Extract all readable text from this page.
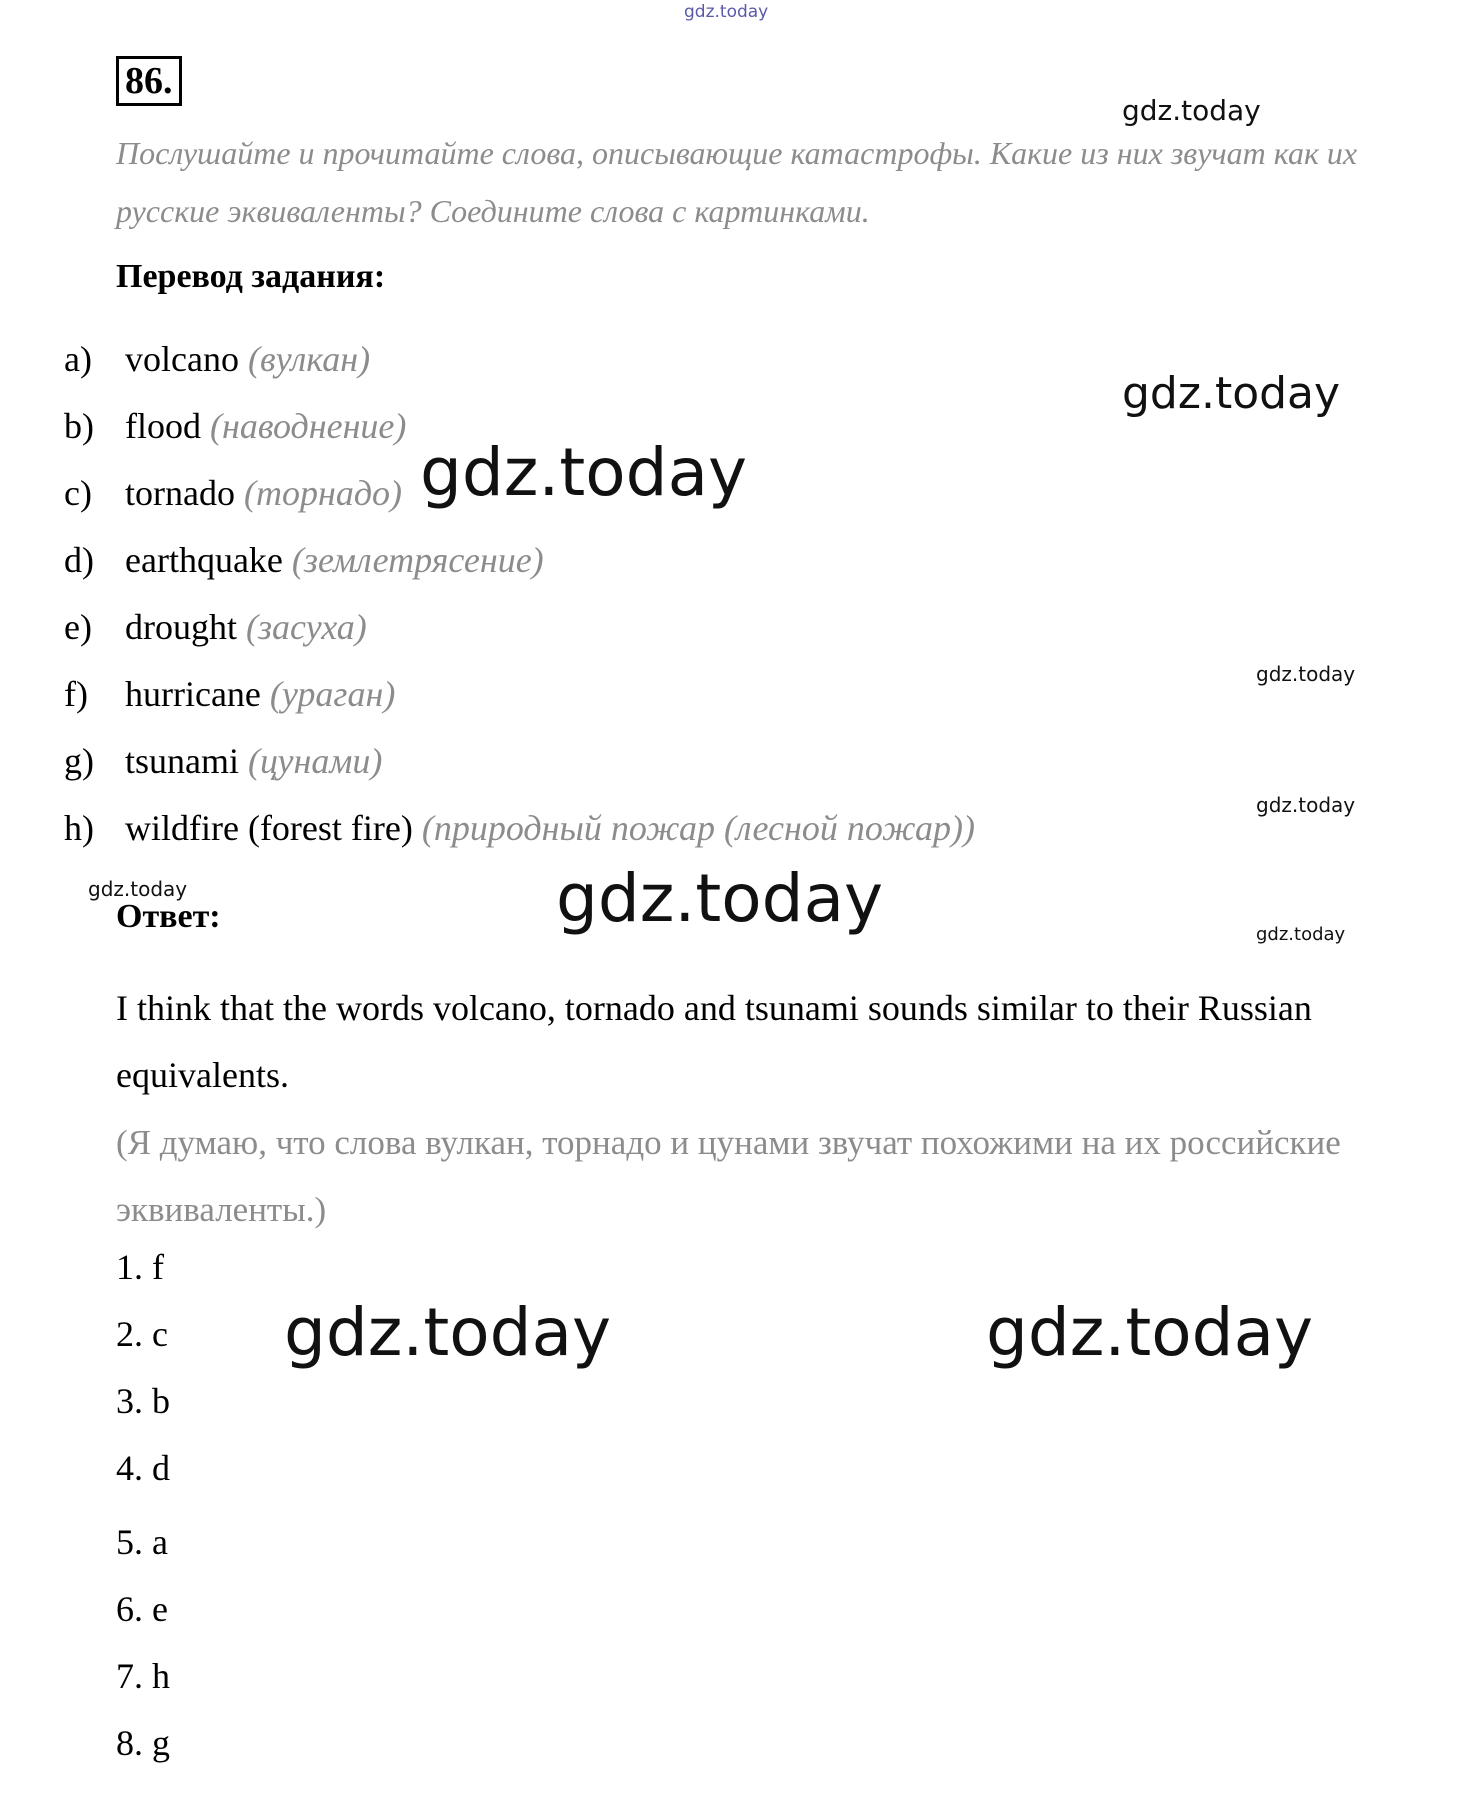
86.
Послушайте и прочитайте слова, описывающие катастрофы. Какие из них звучат как их русские эквиваленты? Соедините слова с картинками.
Перевод задания:
a) volcano (вулкан)
b) flood (наводнение)
c) tornado (торнадо)
d) earthquake (землетрясение)
e) drought (засуха)
f) hurricane (ураган)
g) tsunami (цунами)
h) wildfire (forest fire) (природный пожар (лесной пожар))
Ответ:
I think that the words volcano, tornado and tsunami sounds similar to their Russian equivalents.
(Я думаю, что слова вулкан, торнадо и цунами звучат похожими на их российские эквиваленты.)
1. f
2. c
3. b
4. d
5. a
6. e
7. h
8. g
gdz.today
gdz.today
gdz.today
gdz.today
gdz.today
gdz.today
gdz.today	gdz.today	gdz.today
gdz.today	gdz.today
